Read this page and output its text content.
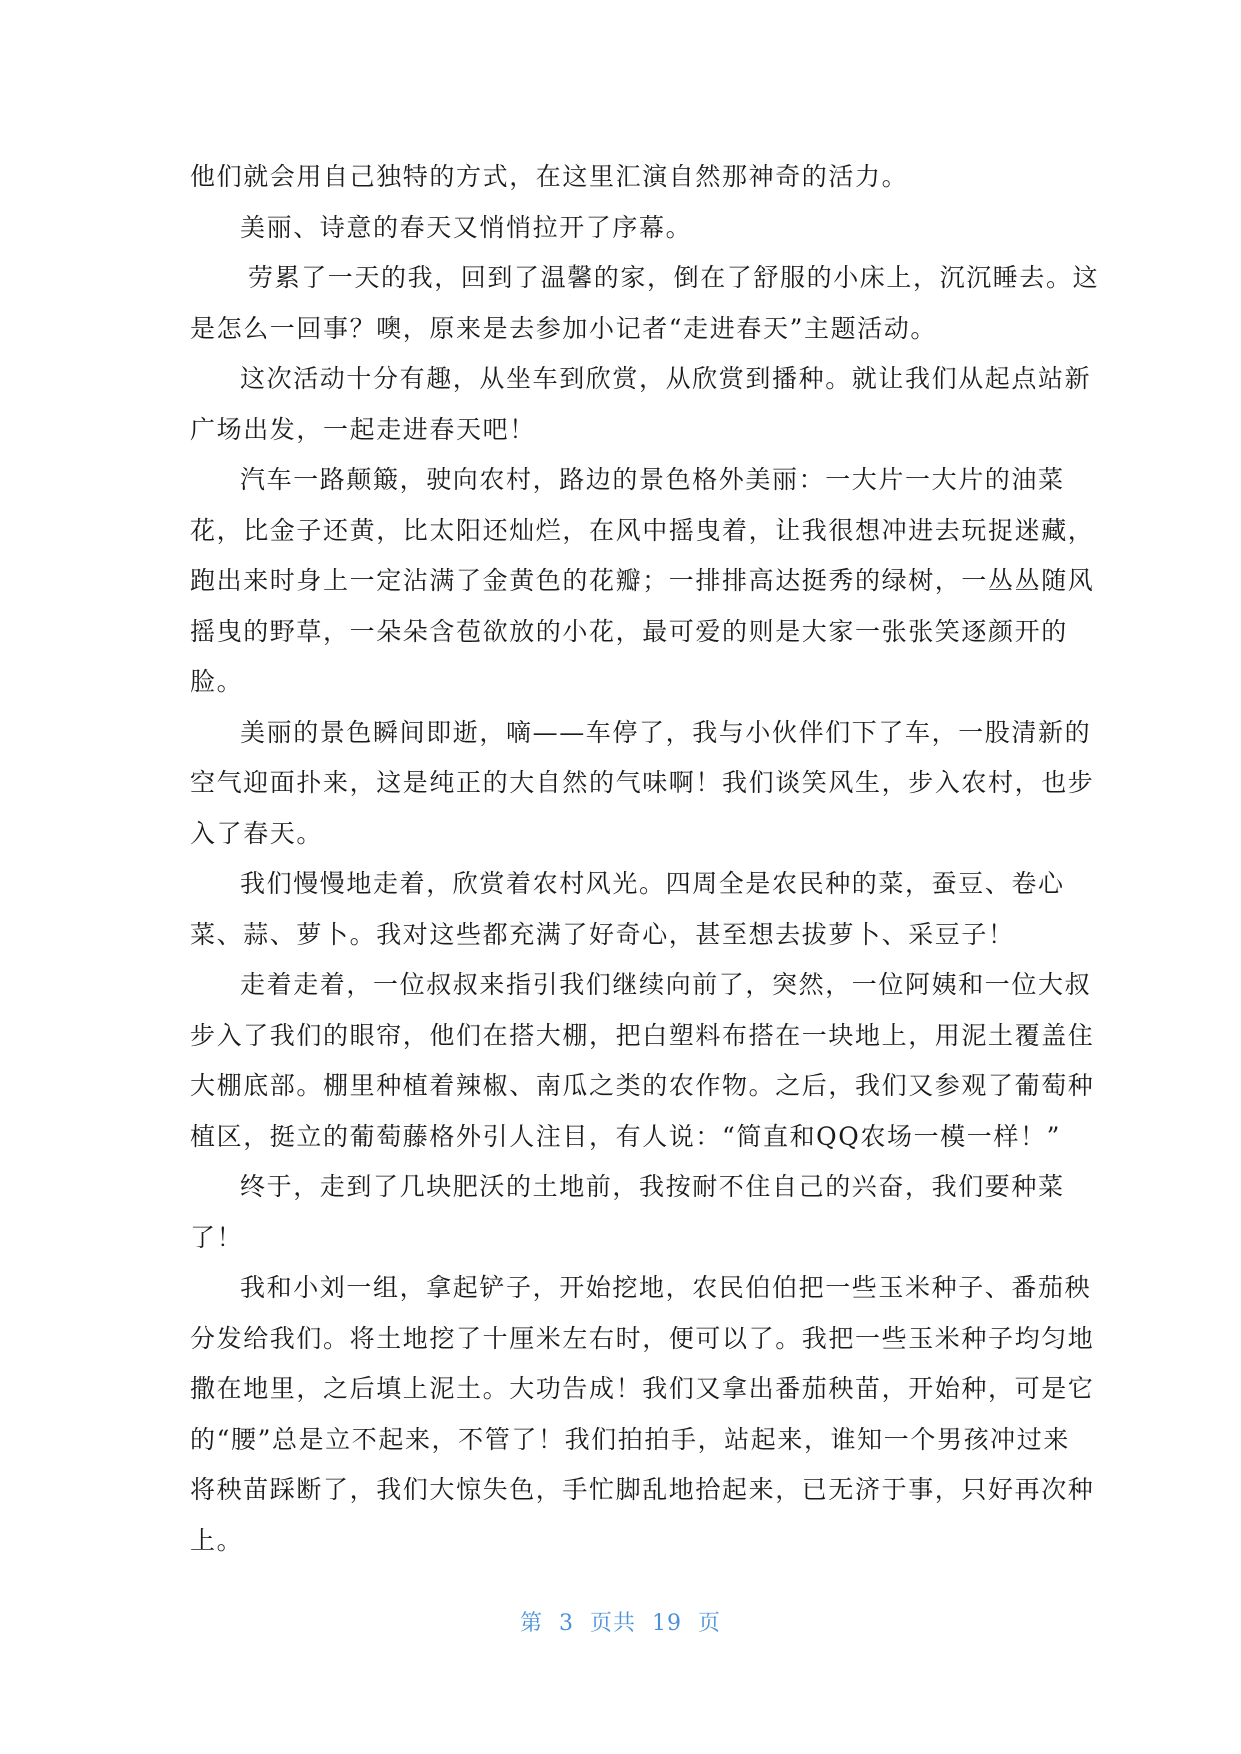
他们就会用自己独特的方式，在这里汇演自然那神奇的活力。
美丽、诗意的春天又悄悄拉开了序幕。
劳累了一天的我，回到了温馨的家，倒在了舒服的小床上，沉沉睡去。这
是怎么一回事？噢，原来是去参加小记者“走进春天”主题活动。
这次活动十分有趣，从坐车到欣赏，从欣赏到播种。就让我们从起点站新
广场出发，一起走进春天吧！
汽车一路颠簸，驶向农村，路边的景色格外美丽：一大片一大片的油菜
花，比金子还黄，比太阳还灿烂，在风中摇曳着，让我很想冲进去玩捉迷藏，
跑出来时身上一定沾满了金黄色的花瓣；一排排高达挺秀的绿树，一丛丛随风
摇曳的野草，一朵朵含苞欲放的小花，最可爱的则是大家一张张笑逐颜开的
脸。
美丽的景色瞬间即逝，嘀——车停了，我与小伙伴们下了车，一股清新的
空气迎面扑来，这是纯正的大自然的气味啊！我们谈笑风生，步入农村，也步
入了春天。
我们慢慢地走着，欣赏着农村风光。四周全是农民种的菜，蚕豆、卷心
菜、蒜、萝卜。我对这些都充满了好奇心，甚至想去拔萝卜、采豆子！
走着走着，一位叔叔来指引我们继续向前了，突然，一位阿姨和一位大叔
步入了我们的眼帘，他们在搭大棚，把白塑料布搭在一块地上，用泥土覆盖住
大棚底部。棚里种植着辣椒、南瓜之类的农作物。之后，我们又参观了葡萄种
植区，挺立的葡萄藤格外引人注目，有人说：“简直和QQ农场一模一样！”
终于，走到了几块肥沃的土地前，我按耐不住自己的兴奋，我们要种菜
了！
我和小刘一组，拿起铲子，开始挖地，农民伯伯把一些玉米种子、番茄秧
分发给我们。将土地挖了十厘米左右时，便可以了。我把一些玉米种子均匀地
撒在地里，之后填上泥土。大功告成！我们又拿出番茄秧苗，开始种，可是它
的“腰”总是立不起来，不管了！我们拍拍手，站起来，谁知一个男孩冲过来
将秧苗踩断了，我们大惊失色，手忙脚乱地拾起来，已无济于事，只好再次种
上。
第 3 页共 19 页
